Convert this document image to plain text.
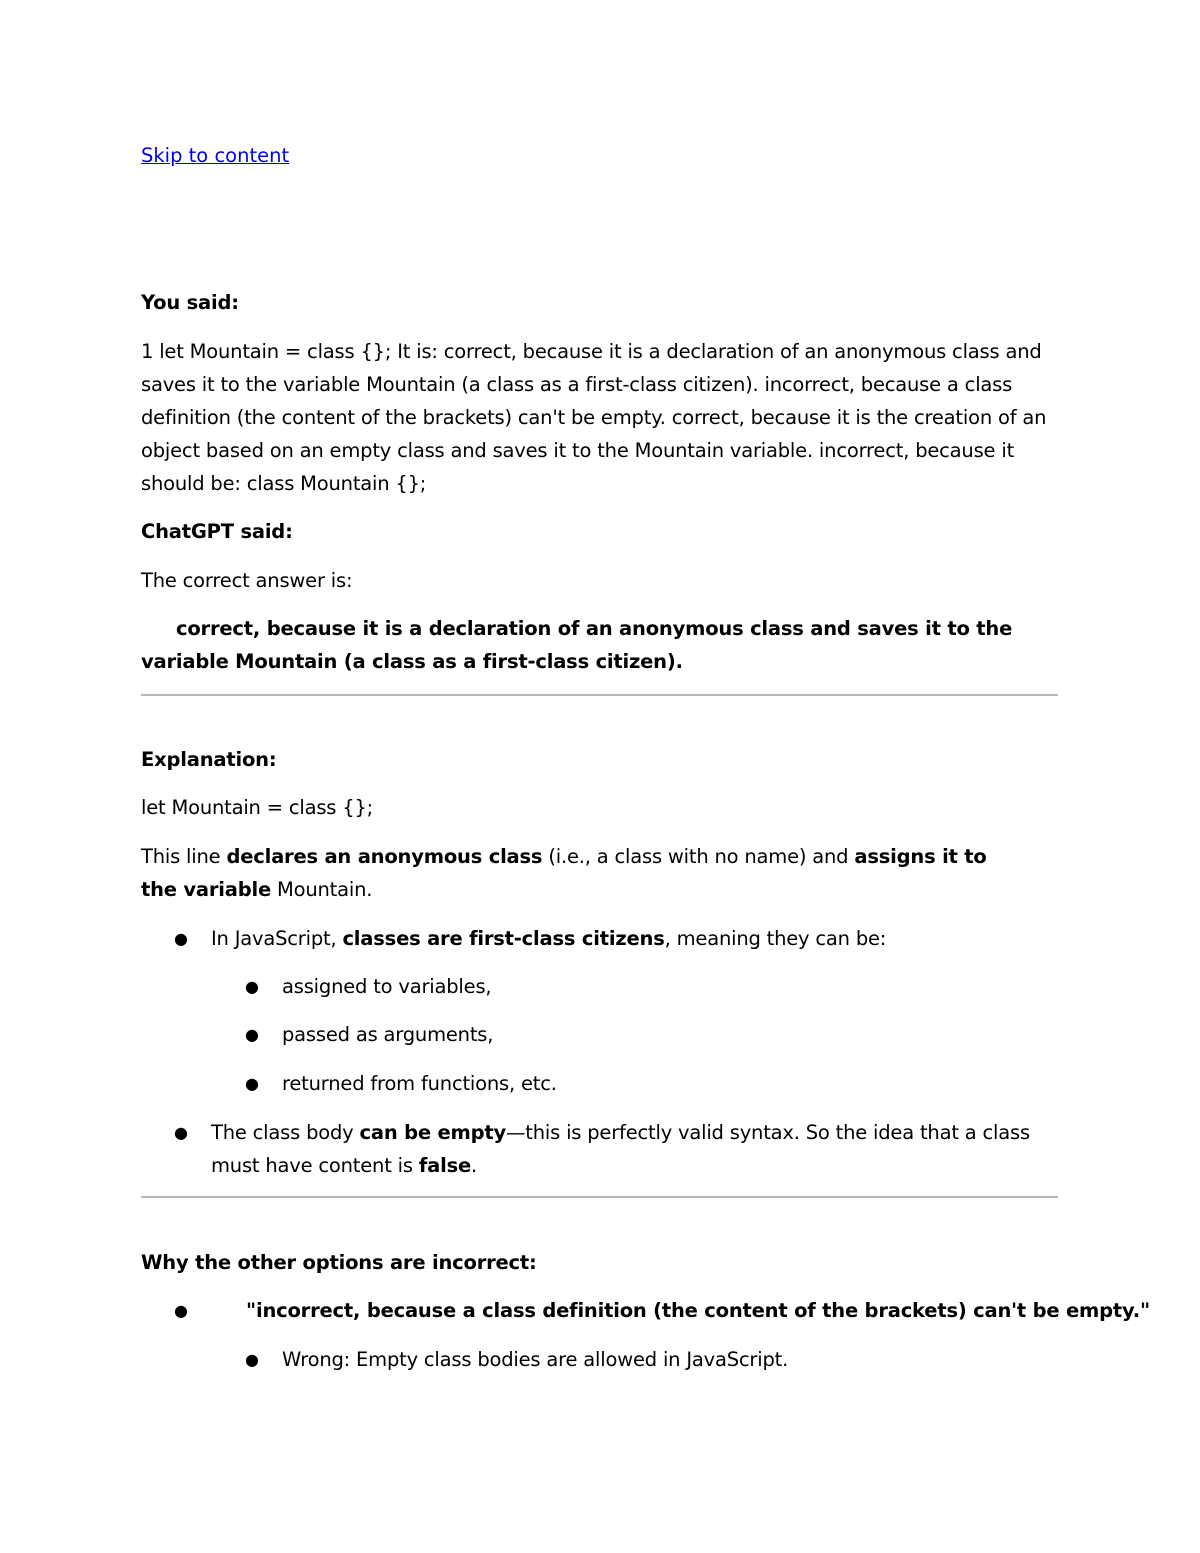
Skip to content

You said:

1 let Mountain = class {}; It is: correct, because it is a declaration of an anonymous class and saves it to the variable Mountain (a class as a first-class citizen). incorrect, because a class definition (the content of the brackets) can't be empty. correct, because it is the creation of an object based on an empty class and saves it to the Mountain variable. incorrect, because it should be: class Mountain {};

ChatGPT said:

The correct answer is:

correct, because it is a declaration of an anonymous class and saves it to the variable Mountain (a class as a first-class citizen).

Explanation:

let Mountain = class {};

This line declares an anonymous class (i.e., a class with no name) and assigns it to the variable Mountain.

● In JavaScript, classes are first-class citizens, meaning they can be:

● assigned to variables,

● passed as arguments,

● returned from functions, etc.

● The class body can be empty—this is perfectly valid syntax. So the idea that a class must have content is false.

Why the other options are incorrect:

●	"incorrect, because a class definition (the content of the brackets) can't be empty."

● Wrong: Empty class bodies are allowed in JavaScript.
